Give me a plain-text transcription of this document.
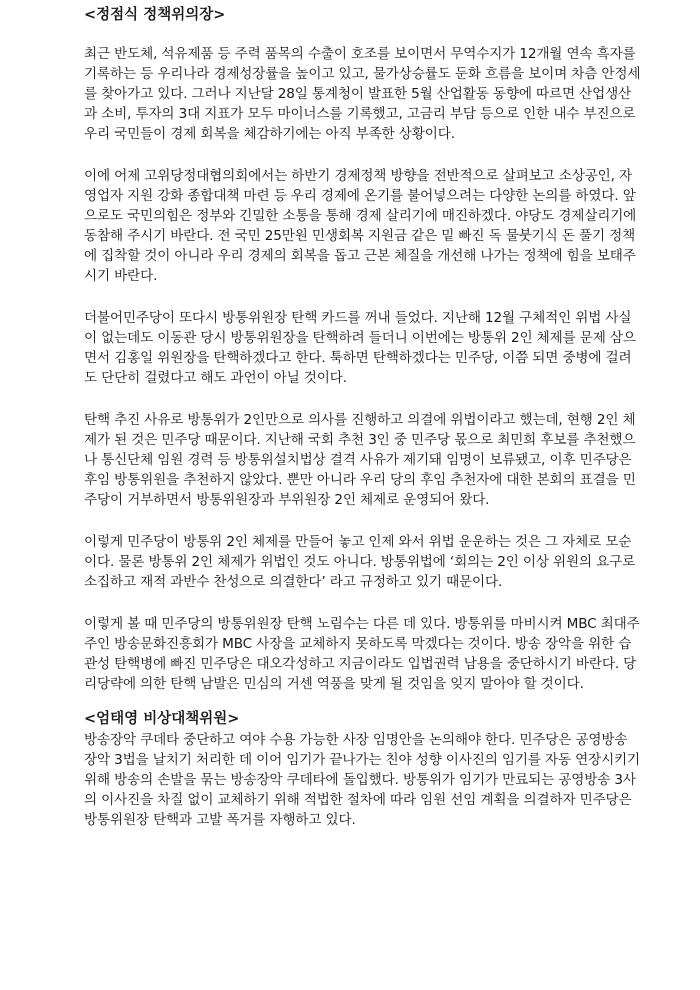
<정점식 정책위의장>

최근 반도체, 석유제품 등 주력 품목의 수출이 호조를 보이면서 무역수지가 12개월 연속 흑자를 기록하는 등 우리나라 경제성장률을 높이고 있고, 물가상승률도 둔화 흐름을 보이며 차츰 안정세를 찾아가고 있다. 그러나 지난달 28일 통계청이 발표한 5월 산업활동 동향에 따르면 산업생산과 소비, 투자의 3대 지표가 모두 마이너스를 기록했고, 고금리 부담 등으로 인한 내수 부진으로 우리 국민들이 경제 회복을 체감하기에는 아직 부족한 상황이다.

이에 어제 고위당정대협의회에서는 하반기 경제정책 방향을 전반적으로 살펴보고 소상공인, 자영업자 지원 강화 종합대책 마련 등 우리 경제에 온기를 불어넣으려는 다양한 논의를 하였다. 앞으로도 국민의힘은 정부와 긴밀한 소통을 통해 경제 살리기에 매진하겠다. 야당도 경제살리기에 동참해 주시기 바란다. 전 국민 25만원 민생회복 지원금 같은 밑 빠진 독 물붓기식 돈 풀기 정책에 집착할 것이 아니라 우리 경제의 회복을 돕고 근본 체질을 개선해 나가는 정책에 힘을 보태주시기 바란다.

더불어민주당이 또다시 방통위원장 탄핵 카드를 꺼내 들었다. 지난해 12월 구체적인 위법 사실이 없는데도 이동관 당시 방통위원장을 탄핵하려 들더니 이번에는 방통위 2인 체제를 문제 삼으면서 김홍일 위원장을 탄핵하겠다고 한다. 툭하면 탄핵하겠다는 민주당, 이쯤 되면 중병에 걸려도 단단히 걸렸다고 해도 과언이 아닐 것이다.

탄핵 추진 사유로 방통위가 2인만으로 의사를 진행하고 의결에 위법이라고 했는데, 현행 2인 체제가 된 것은 민주당 때문이다. 지난해 국회 추천 3인 중 민주당 몫으로 최민희 후보를 추천했으나 통신단체 임원 경력 등 방통위설치법상 결격 사유가 제기돼 임명이 보류됐고, 이후 민주당은 후임 방통위원을 추천하지 않았다. 뿐만 아니라 우리 당의 후임 추천자에 대한 본회의 표결을 민주당이 거부하면서 방통위원장과 부위원장 2인 체제로 운영되어 왔다.

이렇게 민주당이 방통위 2인 체제를 만들어 놓고 인제 와서 위법 운운하는 것은 그 자체로 모순이다. 물론 방통위 2인 체제가 위법인 것도 아니다. 방통위법에 ‘회의는 2인 이상 위원의 요구로 소집하고 재적 과반수 찬성으로 의결한다’ 라고 규정하고 있기 때문이다.

이렇게 볼 때 민주당의 방통위원장 탄핵 노림수는 다른 데 있다. 방통위를 마비시켜 MBC 최대주주인 방송문화진흥회가 MBC 사장을 교체하지 못하도록 막겠다는 것이다. 방송 장악을 위한 습관성 탄핵병에 빠진 민주당은 대오각성하고 지금이라도 입법권력 남용을 중단하시기 바란다. 당리당략에 의한 탄핵 남발은 민심의 거센 역풍을 맞게 될 것임을 잊지 말아야 할 것이다.

<엄태영 비상대책위원>

방송장악 쿠데타 중단하고 여야 수용 가능한 사장 임명안을 논의해야 한다. 민주당은 공영방송 장악 3법을 날치기 처리한 데 이어 임기가 끝나가는 친야 성향 이사진의 임기를 자동 연장시키기 위해 방송의 손발을 묶는 방송장악 쿠데타에 돌입했다. 방통위가 임기가 만료되는 공영방송 3사의 이사진을 차질 없이 교체하기 위해 적법한 절차에 따라 임원 선임 계획을 의결하자 민주당은 방통위원장 탄핵과 고발 폭거를 자행하고 있다.
